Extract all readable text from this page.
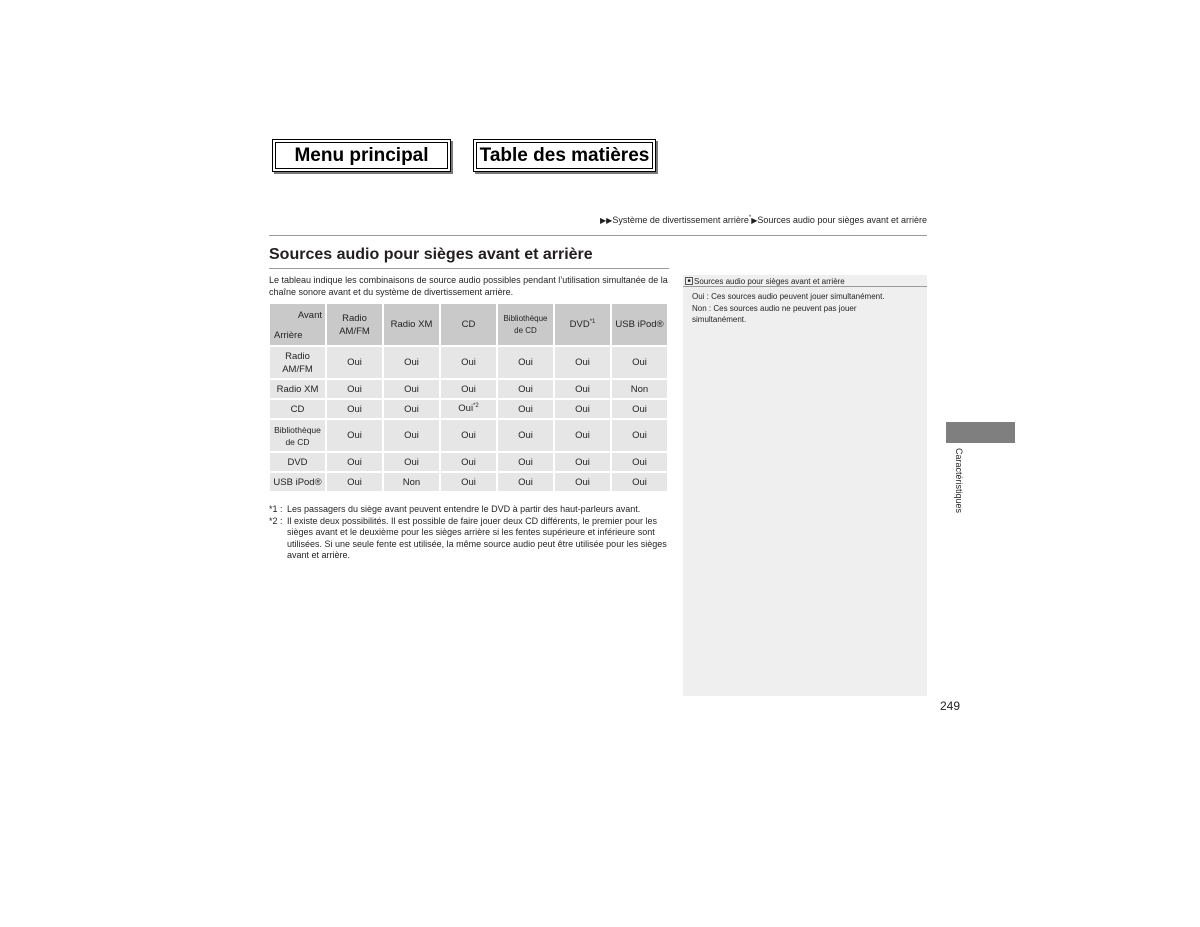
Menu principal	Table des matières
▶▶Système de divertissement arrière*▶Sources audio pour sièges avant et arrière
Sources audio pour sièges avant et arrière
Le tableau indique les combinaisons de source audio possibles pendant l’utilisation simultanée de la chaîne sonore avant et du système de divertissement arrière.
Avant
Arrière	Radio AM/FM	Radio XM	CD	Bibliothèque de CD	DVD$^{*1}$	USB iPod®
Radio AM/FM	Oui	Oui	Oui	Oui	Oui	Oui
Radio XM	Oui	Oui	Oui	Oui	Oui	Non
CD	Oui	Oui	Oui$^{*2}$	Oui	Oui	Oui
Bibliothèque de CD	Oui	Oui	Oui	Oui	Oui	Oui
DVD	Oui	Oui	Oui	Oui	Oui	Oui
USB iPod®	Oui	Non	Oui	Oui	Oui	Oui
*1 : Les passagers du siège avant peuvent entendre le DVD à partir des haut-parleurs avant.
*2 : Il existe deux possibilités. Il est possible de faire jouer deux CD différents, le premier pour les sièges avant et le deuxième pour les sièges arrière si les fentes supérieure et inférieure sont utilisées. Si une seule fente est utilisée, la même source audio peut être utilisée pour les sièges avant et arrière.
■ Sources audio pour sièges avant et arrière
Oui : Ces sources audio peuvent jouer simultanément.
Non : Ces sources audio ne peuvent pas jouer simultanément.
Caractéristiques
249
